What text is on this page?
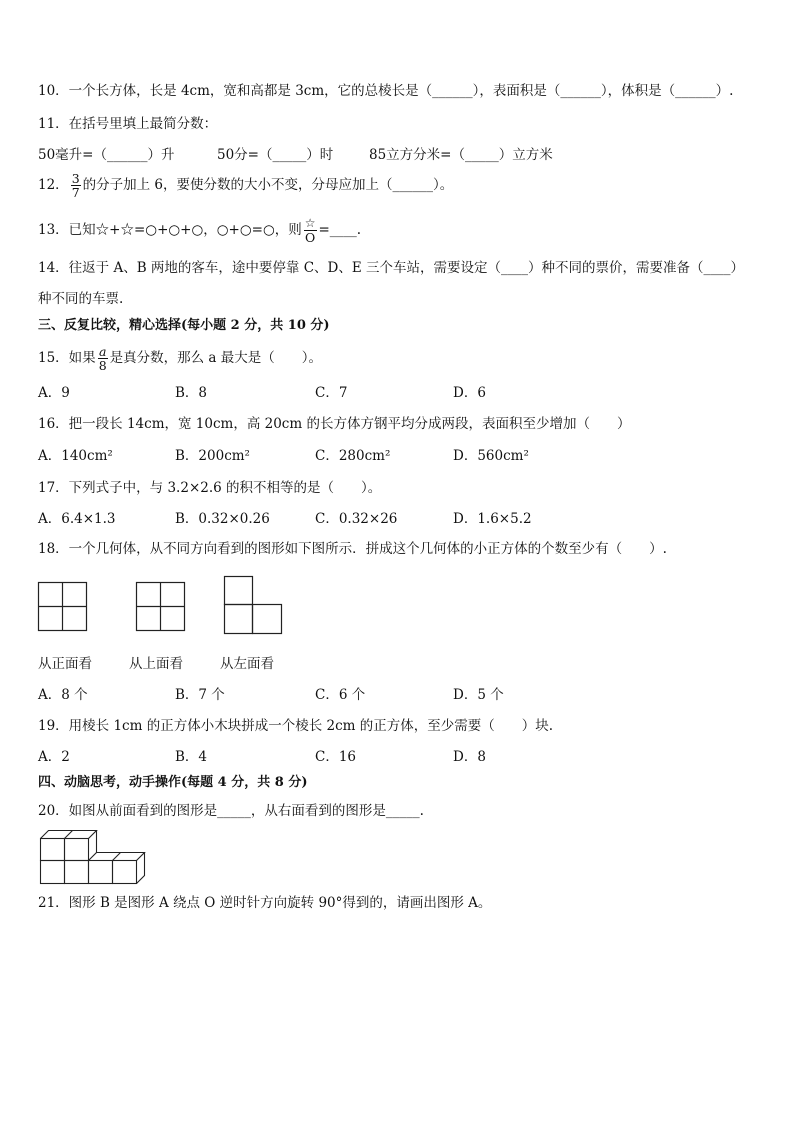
10．一个长方体，长是 4cm，宽和高都是 3cm，它的总棱长是（______），表面积是（______），体积是（______）.
11．在括号里填上最简分数：
50毫升=（______）升	50分=（_____）时	85立方分米=（_____）立方米
12． $\frac{3}{7}$ 的分子加上 6，要使分数的大小不变，分母应加上（______）。
13．已知☆+☆=○+○+○，○+○=○，则 $\frac{☆}{O}$ =____.
14．往返于 A、B 两地的客车，途中要停靠 C、D、E 三个车站，需要设定（____）种不同的票价，需要准备（____）
种不同的车票.
三、反复比较，精心选择(每小题 2 分，共 10 分)
15．如果 $\frac{a}{8}$ 是真分数，那么 a 最大是（　　）。
A．9	B．8	C．7	D．6
16．把一段长 14cm，宽 10cm，高 20cm 的长方体方钢平均分成两段，表面积至少增加（　　）
A．140cm²	B．200cm²	C．280cm²	D．560cm²
17．下列式子中，与 3.2×2.6 的积不相等的是（　　）。
A．6.4×1.3	B．0.32×0.26	C．0.32×26	D．1.6×5.2
18．一个几何体，从不同方向看到的图形如下图所示．拼成这个几何体的小正方体的个数至少有（　　）.
从正面看	从上面看	从左面看
A．8 个	B．7 个	C．6 个	D．5 个
19．用棱长 1cm 的正方体小木块拼成一个棱长 2cm 的正方体，至少需要（　　）块.
A．2	B．4	C．16	D．8
四、动脑思考，动手操作(每题 4 分，共 8 分)
20．如图从前面看到的图形是_____，从右面看到的图形是_____.
21．图形 B 是图形 A 绕点 O 逆时针方向旋转 90°得到的，请画出图形 A。
